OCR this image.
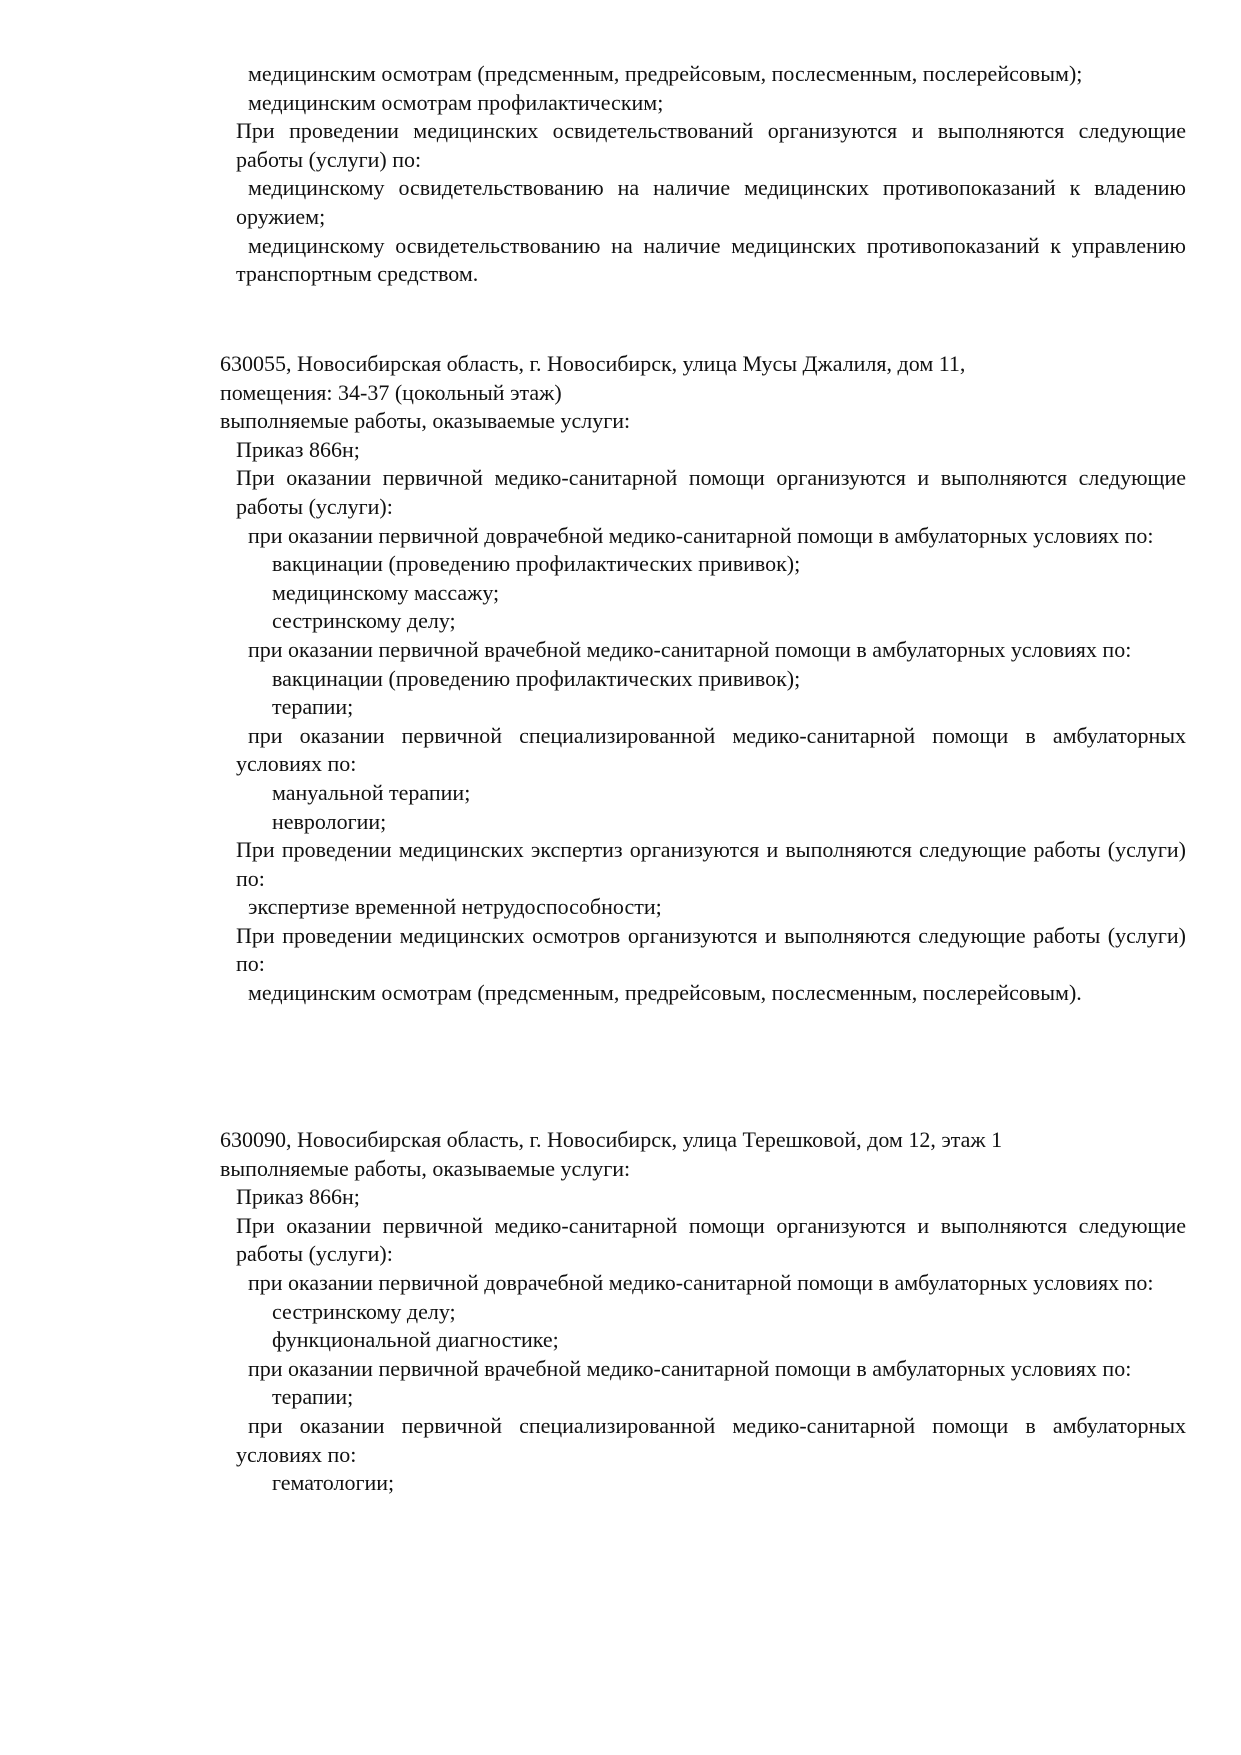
медицинским осмотрам (предсменным, предрейсовым, послесменным, послерейсовым);
медицинским осмотрам профилактическим;
При проведении медицинских освидетельствований организуются и выполняются следующие работы (услуги) по:
медицинскому освидетельствованию на наличие медицинских противопоказаний к владению оружием;
медицинскому освидетельствованию на наличие медицинских противопоказаний к управлению транспортным средством.
630055, Новосибирская область, г. Новосибирск, улица Мусы Джалиля, дом 11,
помещения: 34-37 (цокольный этаж)
выполняемые работы, оказываемые услуги:
Приказ 866н;
При оказании первичной медико-санитарной помощи организуются и выполняются следующие работы (услуги):
при оказании первичной доврачебной медико-санитарной помощи в амбулаторных условиях по:
вакцинации (проведению профилактических прививок);
медицинскому массажу;
сестринскому делу;
при оказании первичной врачебной медико-санитарной помощи в амбулаторных условиях по:
вакцинации (проведению профилактических прививок);
терапии;
при оказании первичной специализированной медико-санитарной помощи в амбулаторных условиях по:
мануальной терапии;
неврологии;
При проведении медицинских экспертиз организуются и выполняются следующие работы (услуги) по:
экспертизе временной нетрудоспособности;
При проведении медицинских осмотров организуются и выполняются следующие работы (услуги) по:
медицинским осмотрам (предсменным, предрейсовым, послесменным, послерейсовым).
630090, Новосибирская область, г. Новосибирск, улица Терешковой, дом 12, этаж 1
выполняемые работы, оказываемые услуги:
Приказ 866н;
При оказании первичной медико-санитарной помощи организуются и выполняются следующие работы (услуги):
при оказании первичной доврачебной медико-санитарной помощи в амбулаторных условиях по:
сестринскому делу;
функциональной диагностике;
при оказании первичной врачебной медико-санитарной помощи в амбулаторных условиях по:
терапии;
при оказании первичной специализированной медико-санитарной помощи в амбулаторных условиях по:
гематологии;
